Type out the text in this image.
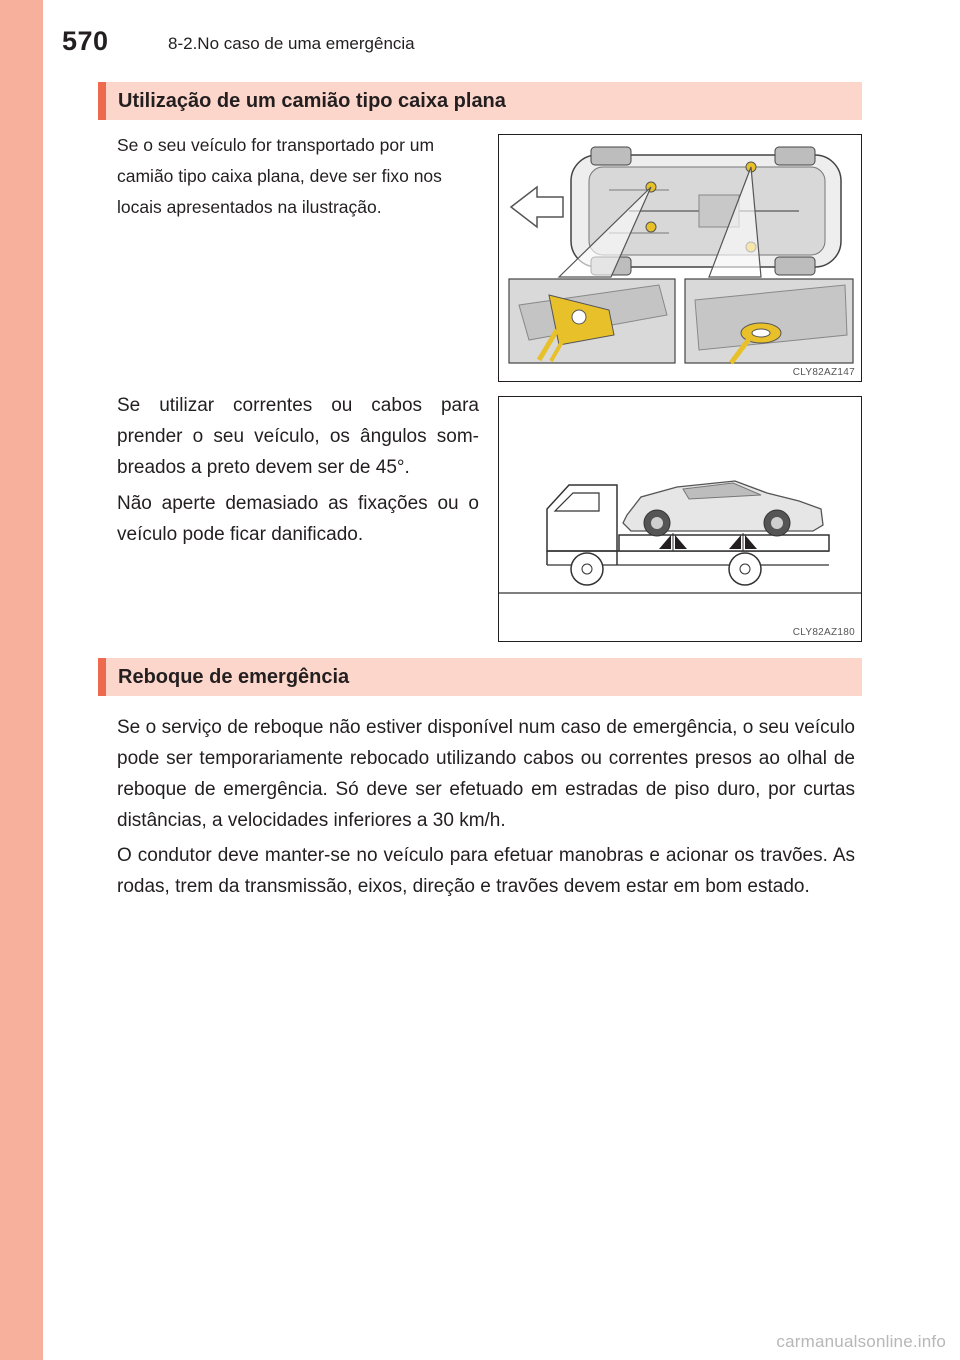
570	8-2.No caso de uma emergência
Utilização de um camião tipo caixa plana

Se o seu veículo for transportado por um camião tipo caixa plana, deve ser fixo nos locais apresentados na ilustração.

CLY82AZ147

Se utilizar correntes ou cabos para prender o seu veículo, os ângulos som-breados a preto devem ser de 45°.

Não aperte demasiado as fixações ou o veículo pode ficar danificado.

CLY82AZ180
Reboque de emergência

Se o serviço de reboque não estiver disponível num caso de emergência, o seu veículo pode ser temporariamente rebocado utilizando cabos ou correntes presos ao olhal de reboque de emergência. Só deve ser efetuado em estradas de piso duro, por curtas distâncias, a velocidades inferiores a 30 km/h.

O condutor deve manter-se no veículo para efetuar manobras e acionar os travões. As rodas, trem da transmissão, eixos, direção e travões devem estar em bom estado.

carmanualsonline.info
